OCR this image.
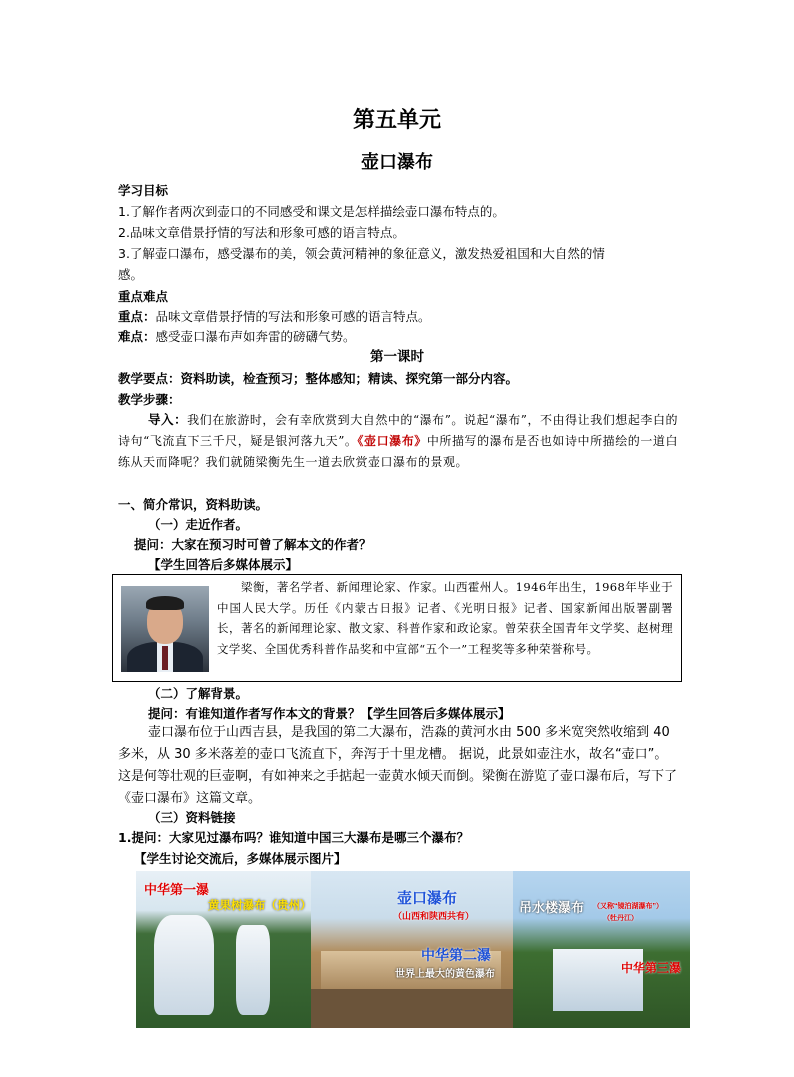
第五单元
壶口瀑布
学习目标
1.了解作者两次到壶口的不同感受和课文是怎样描绘壶口瀑布特点的。
2.品味文章借景抒情的写法和形象可感的语言特点。
3.了解壶口瀑布，感受瀑布的美，领会黄河精神的象征意义，激发热爱祖国和大自然的情
感。
重点难点
重点：品味文章借景抒情的写法和形象可感的语言特点。
难点：感受壶口瀑布声如奔雷的磅礴气势。
第一课时
教学要点：资料助读，检查预习；整体感知；精读、探究第一部分内容。
教学步骤：
导入：我们在旅游时，会有幸欣赏到大自然中的“瀑布”。说起“瀑布”，不由得让我们想起李白的诗句“飞流直下三千尺，疑是银河落九天”。《壶口瀑布》中所描写的瀑布是否也如诗中所描绘的一道白练从天而降呢？我们就随梁衡先生一道去欣赏壶口瀑布的景观。
一、简介常识，资料助读。
（一）走近作者。
提问：大家在预习时可曾了解本文的作者？
【学生回答后多媒体展示】
梁衡，著名学者、新闻理论家、作家。山西霍州人。1946年出生，1968年毕业于中国人民大学。历任《内蒙古日报》记者、《光明日报》记者、国家新闻出版署副署长，著名的新闻理论家、散文家、科普作家和政论家。曾荣获全国青年文学奖、赵树理文学奖、全国优秀科普作品奖和中宣部“五个一”工程奖等多种荣誉称号。
（二）了解背景。
提问：有谁知道作者写作本文的背景？【学生回答后多媒体展示】
壶口瀑布位于山西吉县，是我国的第二大瀑布，浩淼的黄河水由 500 多米宽突然收缩到 40 多米，从 30 多米落差的壶口飞流直下，奔泻于十里龙槽。 据说，此景如壶注水，故名“壶口”。这是何等壮观的巨壶啊，有如神来之手掂起一壶黄水倾天而倒。梁衡在游览了壶口瀑布后，写下了《壶口瀑布》这篇文章。
（三）资料链接
1.提问：大家见过瀑布吗？谁知道中国三大瀑布是哪三个瀑布？
【学生讨论交流后，多媒体展示图片】
中华第一瀑
黄果树瀑布（贵州）	壶口瀑布
（山西和陕西共有）
中华第二瀑
世界上最大的黄色瀑布
吊水楼瀑布 （又称“镜泊湖瀑布”）
（牡丹江）
中华第三瀑
